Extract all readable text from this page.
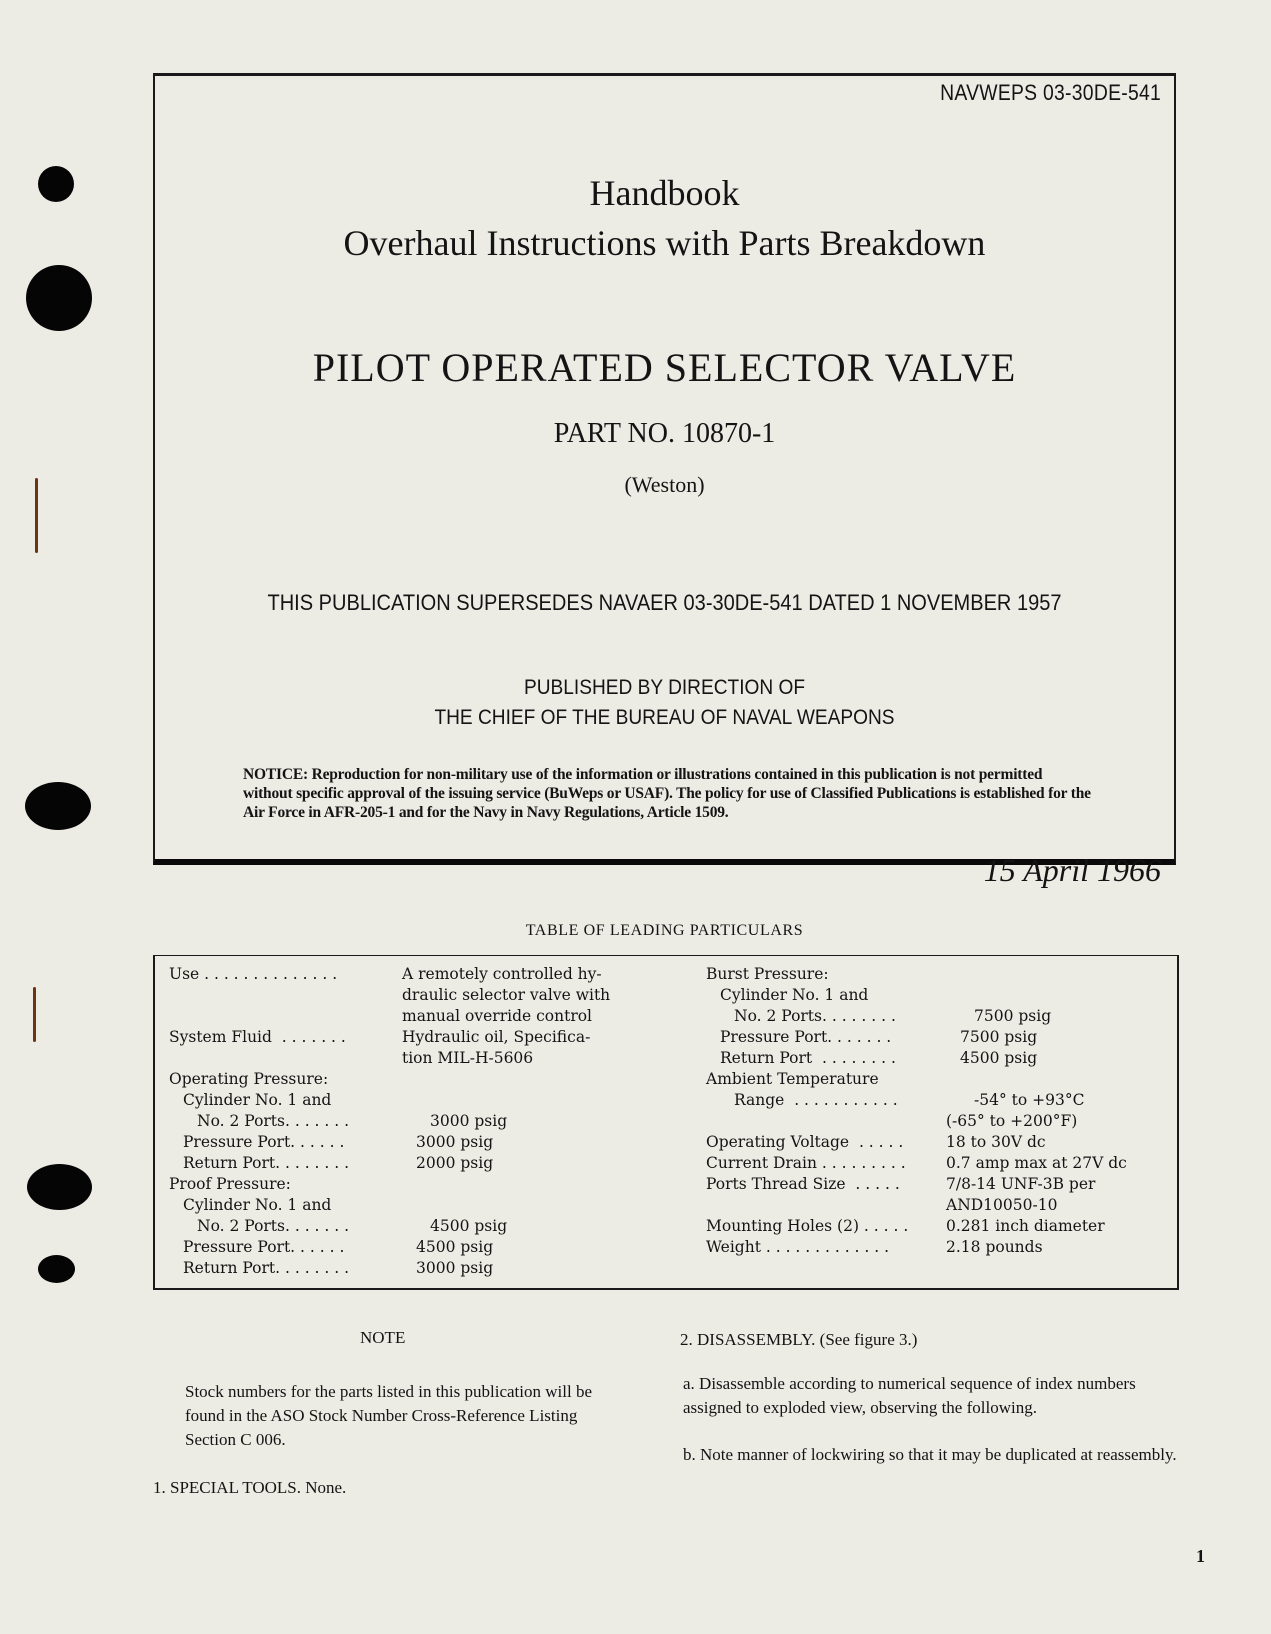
NAVWEPS 03-30DE-541
Handbook
Overhaul Instructions with Parts Breakdown
PILOT OPERATED SELECTOR VALVE
PART NO. 10870-1
(Weston)
THIS PUBLICATION SUPERSEDES NAVAER 03-30DE-541 DATED 1 NOVEMBER 1957
PUBLISHED BY DIRECTION OF
THE CHIEF OF THE BUREAU OF NAVAL WEAPONS
NOTICE: Reproduction for non-military use of the information or illustrations contained in this publication is not permitted without specific approval of the issuing service (BuWeps or USAF). The policy for use of Classified Publications is established for the Air Force in AFR-205-1 and for the Navy in Navy Regulations, Article 1509.
15 April 1966
TABLE OF LEADING PARTICULARS
Use . . . . . . . . . . . . . .	A remotely controlled hy-
draulic selector valve with
manual override control
System Fluid  . . . . . . .	Hydraulic oil, Specifica-
tion MIL-H-5606
Operating Pressure:
Cylinder No. 1 and
No. 2 Ports. . . . . . .	3000 psig
Pressure Port. . . . . .	3000 psig
Return Port. . . . . . . .	2000 psig
Proof Pressure:
Cylinder No. 1 and
No. 2 Ports. . . . . . .	4500 psig
Pressure Port. . . . . .	4500 psig
Return Port. . . . . . . .	3000 psig
Burst Pressure:
Cylinder No. 1 and
No. 2 Ports. . . . . . . .	7500 psig
Pressure Port. . . . . . .	7500 psig
Return Port  . . . . . . . .	4500 psig
Ambient Temperature
Range  . . . . . . . . . . .	-54° to +93°C
(-65° to +200°F)
Operating Voltage  . . . . .	18 to 30V dc
Current Drain . . . . . . . . .	0.7 amp max at 27V dc
Ports Thread Size  . . . . .	7/8-14 UNF-3B per
AND10050-10
Mounting Holes (2) . . . . .	0.281 inch diameter
Weight . . . . . . . . . . . . .	2.18 pounds
NOTE
Stock numbers for the parts listed in this publication will be found in the ASO Stock Number Cross-Reference Listing Section C 006.
1. SPECIAL TOOLS. None.
2. DISASSEMBLY. (See figure 3.)
a. Disassemble according to numerical sequence of index numbers assigned to exploded view, observing the following.
b. Note manner of lockwiring so that it may be duplicated at reassembly.
1
